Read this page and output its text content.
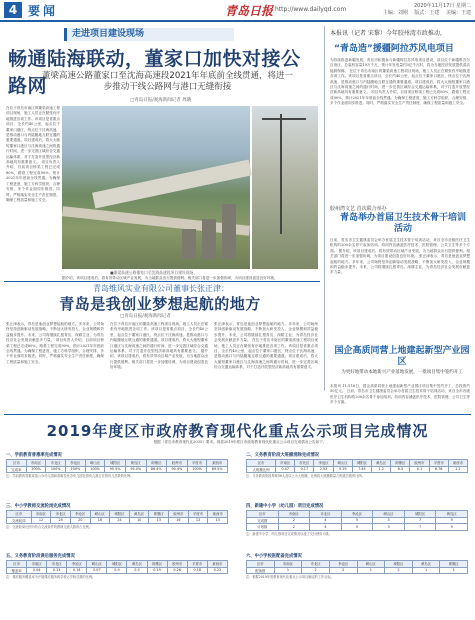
4 要闻	青岛日报 http://www.dailyqd.com	2020年11月17日 星期二
主编：刘刚 　版式：王建 　美编：王建
走进项目建设现场
畅通陆海联动，董家口加快对接公路网
董梁高速公路董家口至沈海高速段2021年年底前全线贯通，将进一步推动干线公路网与港口无缝衔接
□青岛日报/观海新闻记者 周晓
在位于青岛市南区的董梁高速工程项目现场，施工人员正在紧张有序地推进各项工作。该项目是省重点项目，全长约40公里，起点位于董家口港区，终点位于沈海高速，是推动港口与内陆腹地互联互通的重要通道。项目建成后，将大大缩短董家口港区与沈海高速之间的通行时间，进一步完善区域综合交通运输体系，对于打造开放型经济新高地具有重要意义。 项目负责人介绍，目前项目桥梁工程已完成80%，路基工程完成90%，预计2021年年底前全线贯通。为确保工程进度，施工方科学组织，合理安排，多个作业面同步推进。同时，严格落实安全生产责任制度，确保工程质量和施工安全。
■董梁高速公路董家口至沈海高速段项目建设现场。
据介绍，该项目建成后，将有效带动区域产业发展，为当地群众出行提供便利。相关部门将进一步加强协调，为项目建设创造良好环境。
青岛维风实业有限公司董事长张正津：
青岛是我创业梦想起航的地方
□青岛日报/观海新闻记者
张正津表示，青岛是他创业梦想起航的地方。多年来，公司始终坚持创新驱动发展战略，不断加大研发投入，企业规模和效益稳步提升。未来，公司将继续扎根青岛，深耕主业，为青岛经济社会发展贡献更多力量。 项目负责人介绍，目前项目桥梁工程已完成80%，路基工程完成90%，预计2021年年底前全线贯通。为确保工程进度，施工方科学组织，合理安排，多个作业面同步推进。同时，严格落实安全生产责任制度，确保工程质量和施工安全。
在位于青岛市南区的董梁高速工程项目现场，施工人员正在紧张有序地推进各项工作。该项目是省重点项目，全长约40公里，起点位于董家口港区，终点位于沈海高速，是推动港口与内陆腹地互联互通的重要通道。项目建成后，将大大缩短董家口港区与沈海高速之间的通行时间，进一步完善区域综合交通运输体系，对于打造开放型经济新高地具有重要意义。 据介绍，该项目建成后，将有效带动区域产业发展，为当地群众出行提供便利。相关部门将进一步加强协调，为项目建设创造良好环境。
张正津表示，青岛是他创业梦想起航的地方。多年来，公司始终坚持创新驱动发展战略，不断加大研发投入，企业规模和效益稳步提升。未来，公司将继续扎根青岛，深耕主业，为青岛经济社会发展贡献更多力量。 在位于青岛市南区的董梁高速工程项目现场，施工人员正在紧张有序地推进各项工作。该项目是省重点项目，全长约40公里，起点位于董家口港区，终点位于沈海高速，是推动港口与内陆腹地互联互通的重要通道。项目建成后，将大大缩短董家口港区与沈海高速之间的通行时间，进一步完善区域综合交通运输体系，对于打造开放型经济新高地具有重要意义。
本报讯（记者 宋黎）今年胶州湾市政推动，
“青岛造”援疆阿拉苏风电项目
为持续推进新疆发展，青岛市积极参与新疆阿拉苏风电项目建设，项目位于新疆维吾尔自治区，总装机容量10万千瓦，预计年发电量约3亿千瓦时，将为当地经济发展提供清洁能源保障。 在位于青岛市南区的董梁高速工程项目现场，施工人员正在紧张有序地推进各项工作。该项目是省重点项目，全长约40公里，起点位于董家口港区，终点位于沈海高速，是推动港口与内陆腹地互联互通的重要通道。项目建成后，将大大缩短董家口港区与沈海高速之间的通行时间，进一步完善区域综合交通运输体系，对于打造开放型经济新高地具有重要意义。 项目负责人介绍，目前项目桥梁工程已完成80%，路基工程完成90%，预计2021年年底前全线贯通。为确保工程进度，施工方科学组织，合理安排，多个作业面同步推进。同时，严格落实安全生产责任制度，确保工程质量和施工安全。
胶州湾文艺 首次联合举办
青岛举办首届卫生技术骨干培训活动
日前，青岛市卫生健康委员会举办首届卫生技术骨干培训活动，来自全市各级医疗卫生机构的200余名骨干参加培训。培训内容涵盖医疗技术、医院管理、公共卫生等多个方面。 据介绍，该项目建成后，将有效带动区域产业发展，为当地群众出行提供便利。相关部门将进一步加强协调，为项目建设创造良好环境。 张正津表示，青岛是他创业梦想起航的地方。多年来，公司始终坚持创新驱动发展战略，不断加大研发投入，企业规模和效益稳步提升。未来，公司将继续扎根青岛，深耕主业，为青岛经济社会发展贡献更多力量。
国企高质同营上地建起新型产业园区
为更好地带动本地新兴产业落地发展，一批项目集中签约开工
本报讯 11月16日，国企高质同营上地建起新型产业园区项目集中签约开工，总投资约50亿元。 日前，青岛市卫生健康委员会举办首届卫生技术骨干培训活动，来自全市各级医疗卫生机构的200余名骨干参加培训。培训内容涵盖医疗技术、医院管理、公共卫生等多个方面。
2019年度区市政府教育现代化重点公示项目完成情况
根据《青岛市教育现代化2035》要求，现将2019年度区市政府教育现代化重点公示项目完成情况公告如下。
一、学前教育普惠率完成情况
区市	市南区	市北区	李沧区	崂山区	城阳区	黄岛区	即墨区	胶州市	平度市	莱西市
完成率	100%	100%	100%	100%	95.5%	95.0%	86.4%	90.4%	100%	89.5%
注：学前教育普惠率指公办幼儿园和普惠性民办幼儿园在园幼儿数占在园幼儿总数的比例。
二、义务教育阶段大班额消除完成情况
区市	市南区	市北区	李沧区	崂山区	城阳区	黄岛区	即墨区	胶州市	平度市	莱西市
大班额比例	0.47	0.17	2.52	0.19	7.44	1.2	8.3	0.1	6.78	1.2
注：义务教育阶段每班56人及以上为大班额，比例指大班额数量占班级总数的比例。
三、中小学教师交流轮岗完成情况
区市	市南区	市北区	李沧区	崂山区	城阳区	黄岛区	即墨区	胶州市	平度市	莱西市
交流轮岗	12	25	20	18	24	10	13	16	13	13
注：交流轮岗比例为符合交流条件的教师交流人数所占比例。
四、新建中小学（幼儿园）项目完成情况
区市	市南区	市北区	李沧区	崂山区	城阳区	黄岛区
完成数	2	4	5	3	7	9
计划数	2	4	5	3	7	9
注：新建中小学、幼儿园项目完成情况以竣工交付使用为准。
五、义务教育阶段课后服务完成情况
区市	市南区	市北区	李沧区	崂山区	城阳区	黄岛区	即墨区	胶州市	平度市	莱西市
覆盖率	0.04	0.13	0.14	0.07	0.9	0.3	0.19	0.26	0.18	0.23
注：课后服务覆盖率为开展课后服务的学校占学校总数的比例。
六、中小学校医配备完成情况
区市	市南区	市北区	李沧区	崂山区	城阳区	黄岛区	即墨区
配备数	1	2	2	1	2	1	1
注：根据2019年度教育现代化重点公示项目确定的工作目标。
